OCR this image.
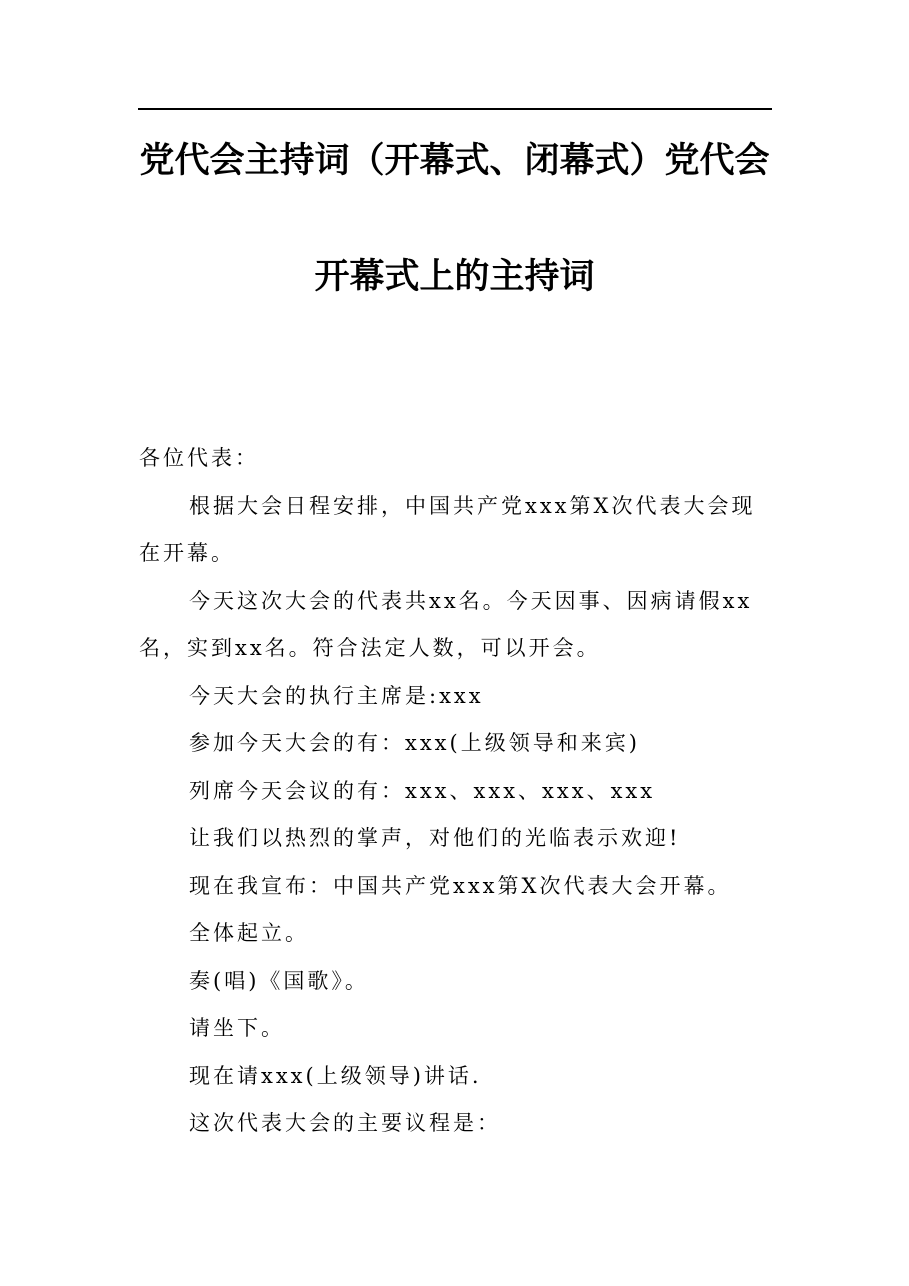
党代会主持词（开幕式、闭幕式）党代会
开幕式上的主持词

各位代表：

根据大会日程安排，中国共产党xxx第X次代表大会现在开幕。

今天这次大会的代表共xx名。今天因事、因病请假xx名，实到xx名。符合法定人数，可以开会。

今天大会的执行主席是:xxx

参加今天大会的有：xxx(上级领导和来宾)

列席今天会议的有：xxx、xxx、xxx、xxx

让我们以热烈的掌声，对他们的光临表示欢迎!

现在我宣布：中国共产党xxx第X次代表大会开幕。

全体起立。

奏(唱)《国歌》。

请坐下。

现在请xxx(上级领导)讲话.

这次代表大会的主要议程是：
